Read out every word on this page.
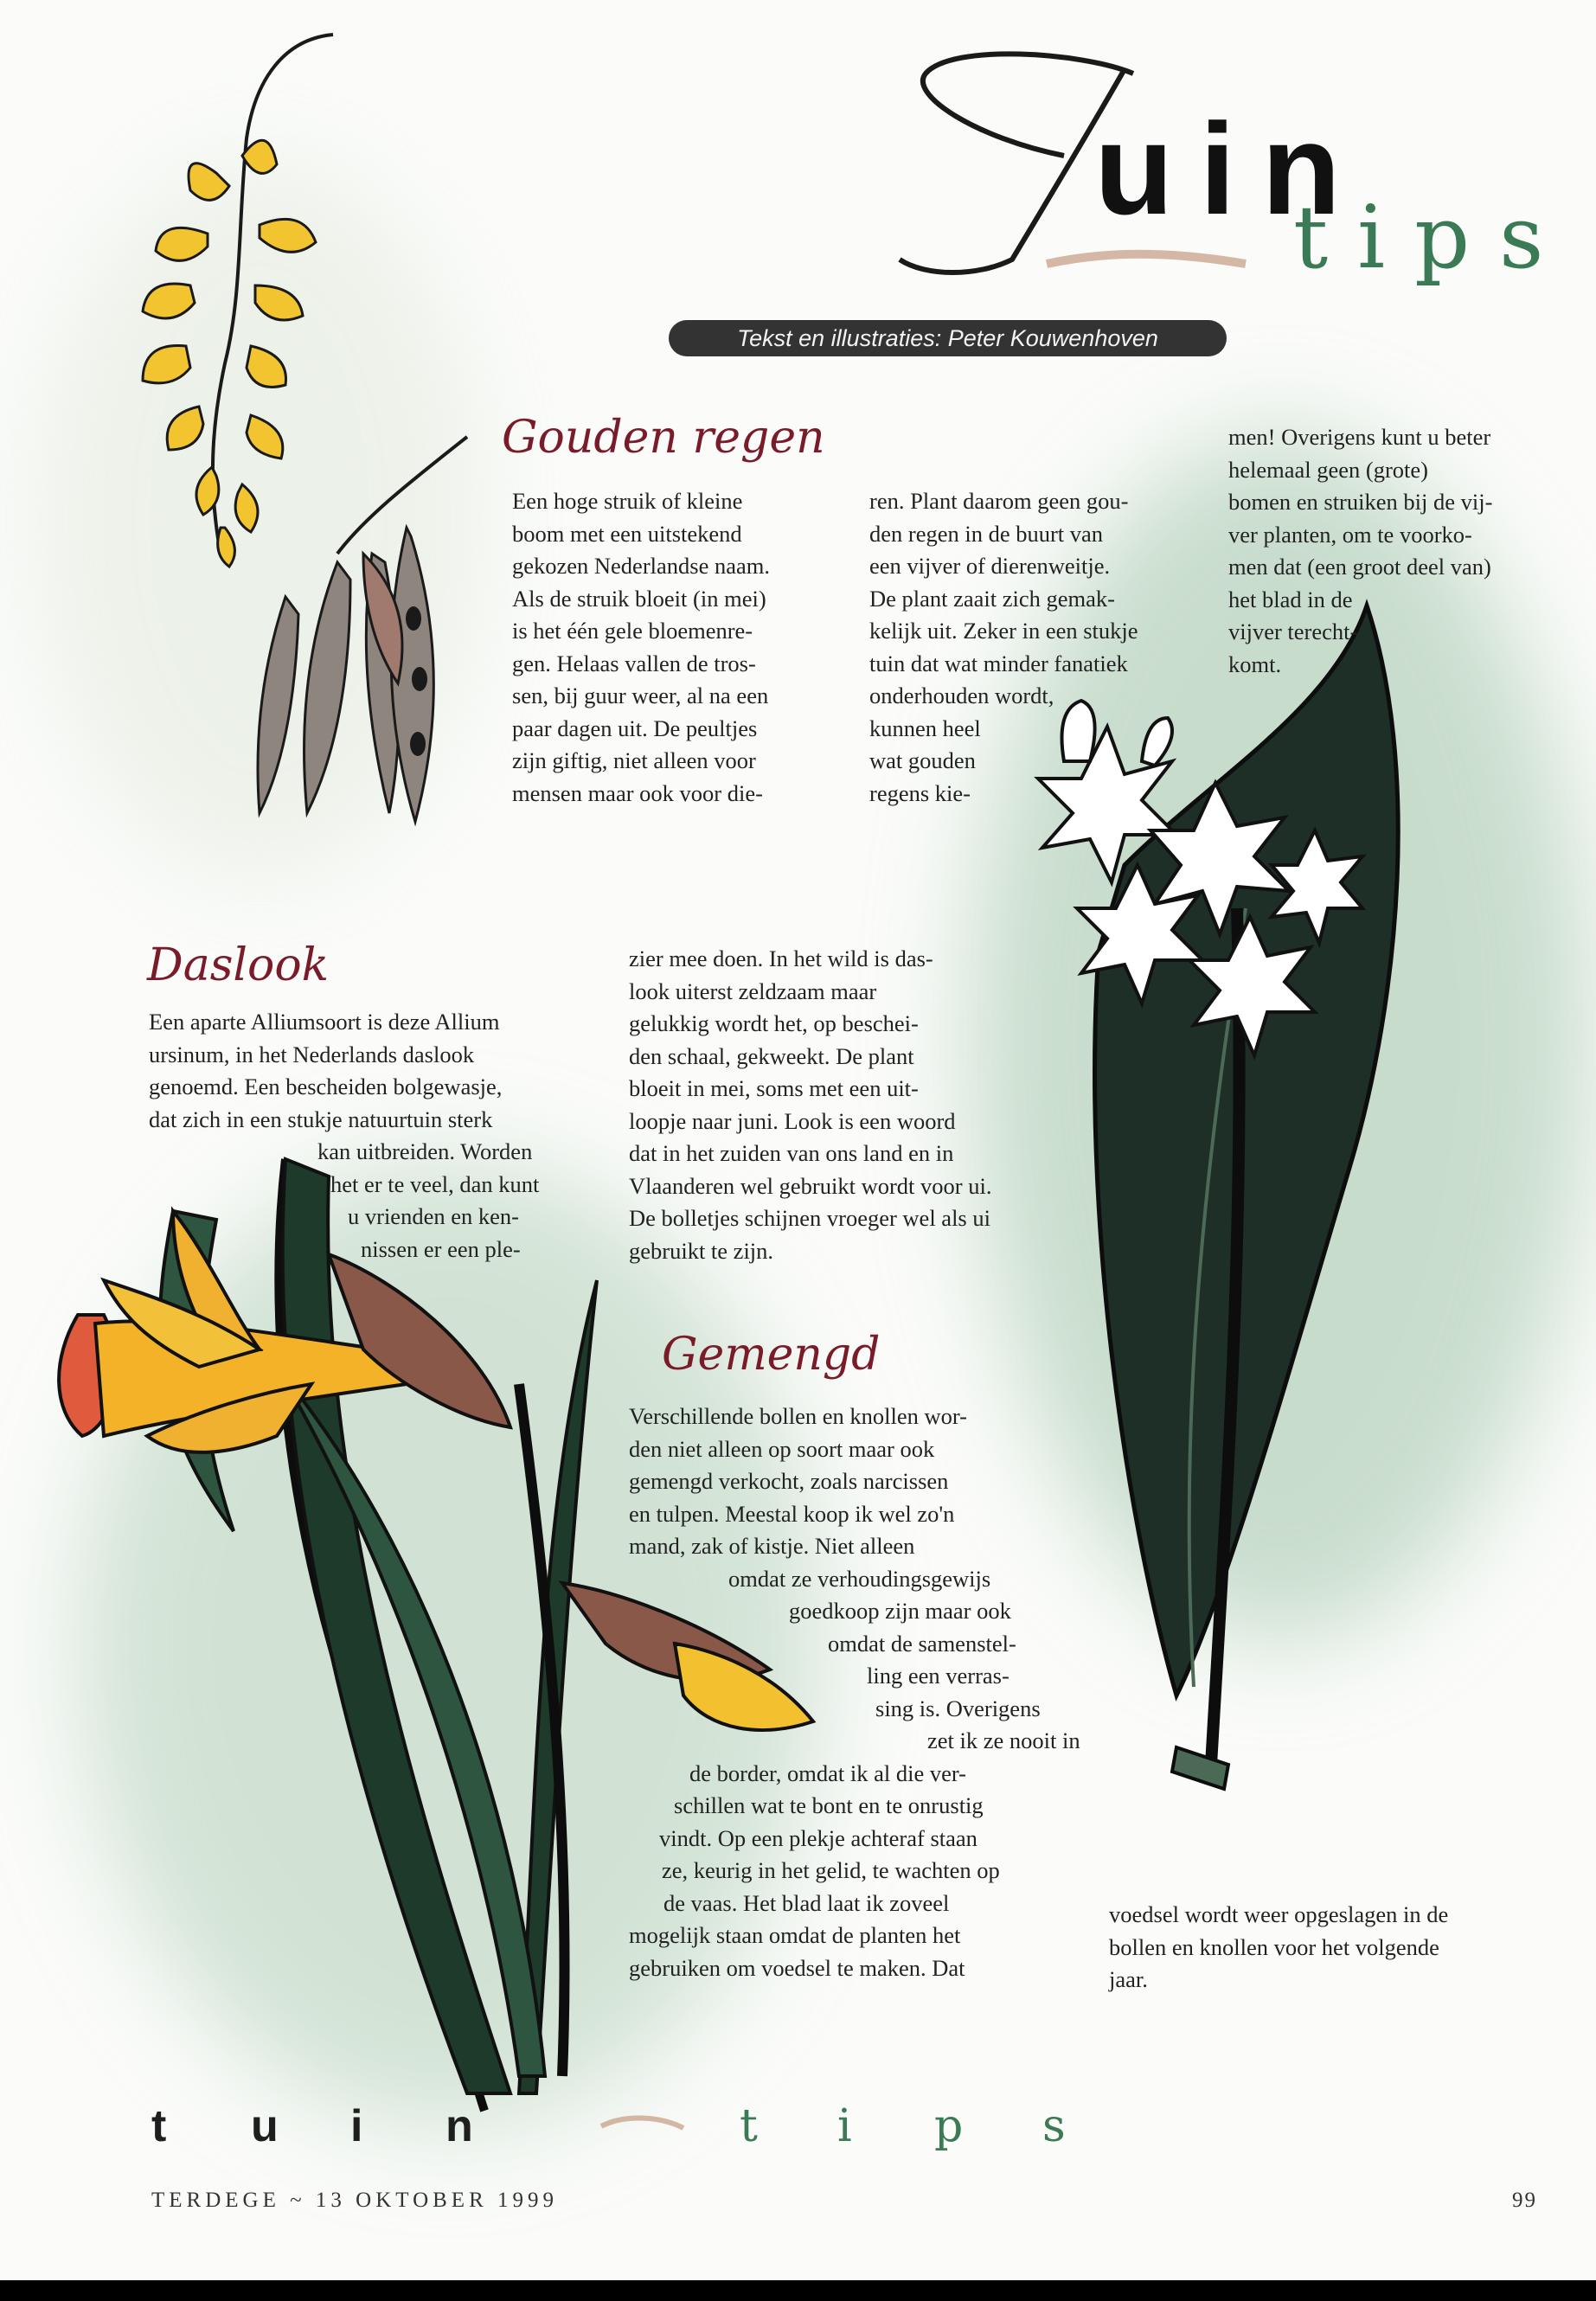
uin
tips
Tekst en illustraties: Peter Kouwenhoven
Gouden regen
Een hoge struik of kleine
boom met een uitstekend
gekozen Nederlandse naam.
Als de struik bloeit (in mei)
is het één gele bloemenre-
gen. Helaas vallen de tros-
sen, bij guur weer, al na een
paar dagen uit. De peultjes
zijn giftig, niet alleen voor
mensen maar ook voor die-
ren. Plant daarom geen gou-
den regen in de buurt van
een vijver of dierenweitje.
De plant zaait zich gemak-
kelijk uit. Zeker in een stukje
tuin dat wat minder fanatiek
onderhouden wordt,
kunnen heel
wat gouden
regens kie-
men! Overigens kunt u beter
helemaal geen (grote)
bomen en struiken bij de vij-
ver planten, om te voorko-
men dat (een groot deel van)
het blad in de
vijver terecht-
komt.
Daslook
Een aparte Alliumsoort is deze Allium
ursinum, in het Nederlands daslook
genoemd. Een bescheiden bolgewasje,
dat zich in een stukje natuurtuin sterk
kan uitbreiden. Worden
het er te veel, dan kunt
u vrienden en ken-
nissen er een ple-
zier mee doen. In het wild is das-
look uiterst zeldzaam maar
gelukkig wordt het, op beschei-
den schaal, gekweekt. De plant
bloeit in mei, soms met een uit-
loopje naar juni. Look is een woord
dat in het zuiden van ons land en in
Vlaanderen wel gebruikt wordt voor ui.
De bolletjes schijnen vroeger wel als ui
gebruikt te zijn.
Gemengd
Verschillende bollen en knollen wor-
den niet alleen op soort maar ook
gemengd verkocht, zoals narcissen
en tulpen. Meestal koop ik wel zo'n
mand, zak of kistje. Niet alleen
omdat ze verhoudingsgewijs
goedkoop zijn maar ook
omdat de samenstel-
ling een verras-
sing is. Overigens
zet ik ze nooit in
de border, omdat ik al die ver-
schillen wat te bont en te onrustig
vindt. Op een plekje achteraf staan
ze, keurig in het gelid, te wachten op
de vaas. Het blad laat ik zoveel
mogelijk staan omdat de planten het
gebruiken om voedsel te maken. Dat
voedsel wordt weer opgeslagen in de
bollen en knollen voor het volgende
jaar.
t u i n	t i p s
TERDEGE ~ 13 OKTOBER 1999	99
